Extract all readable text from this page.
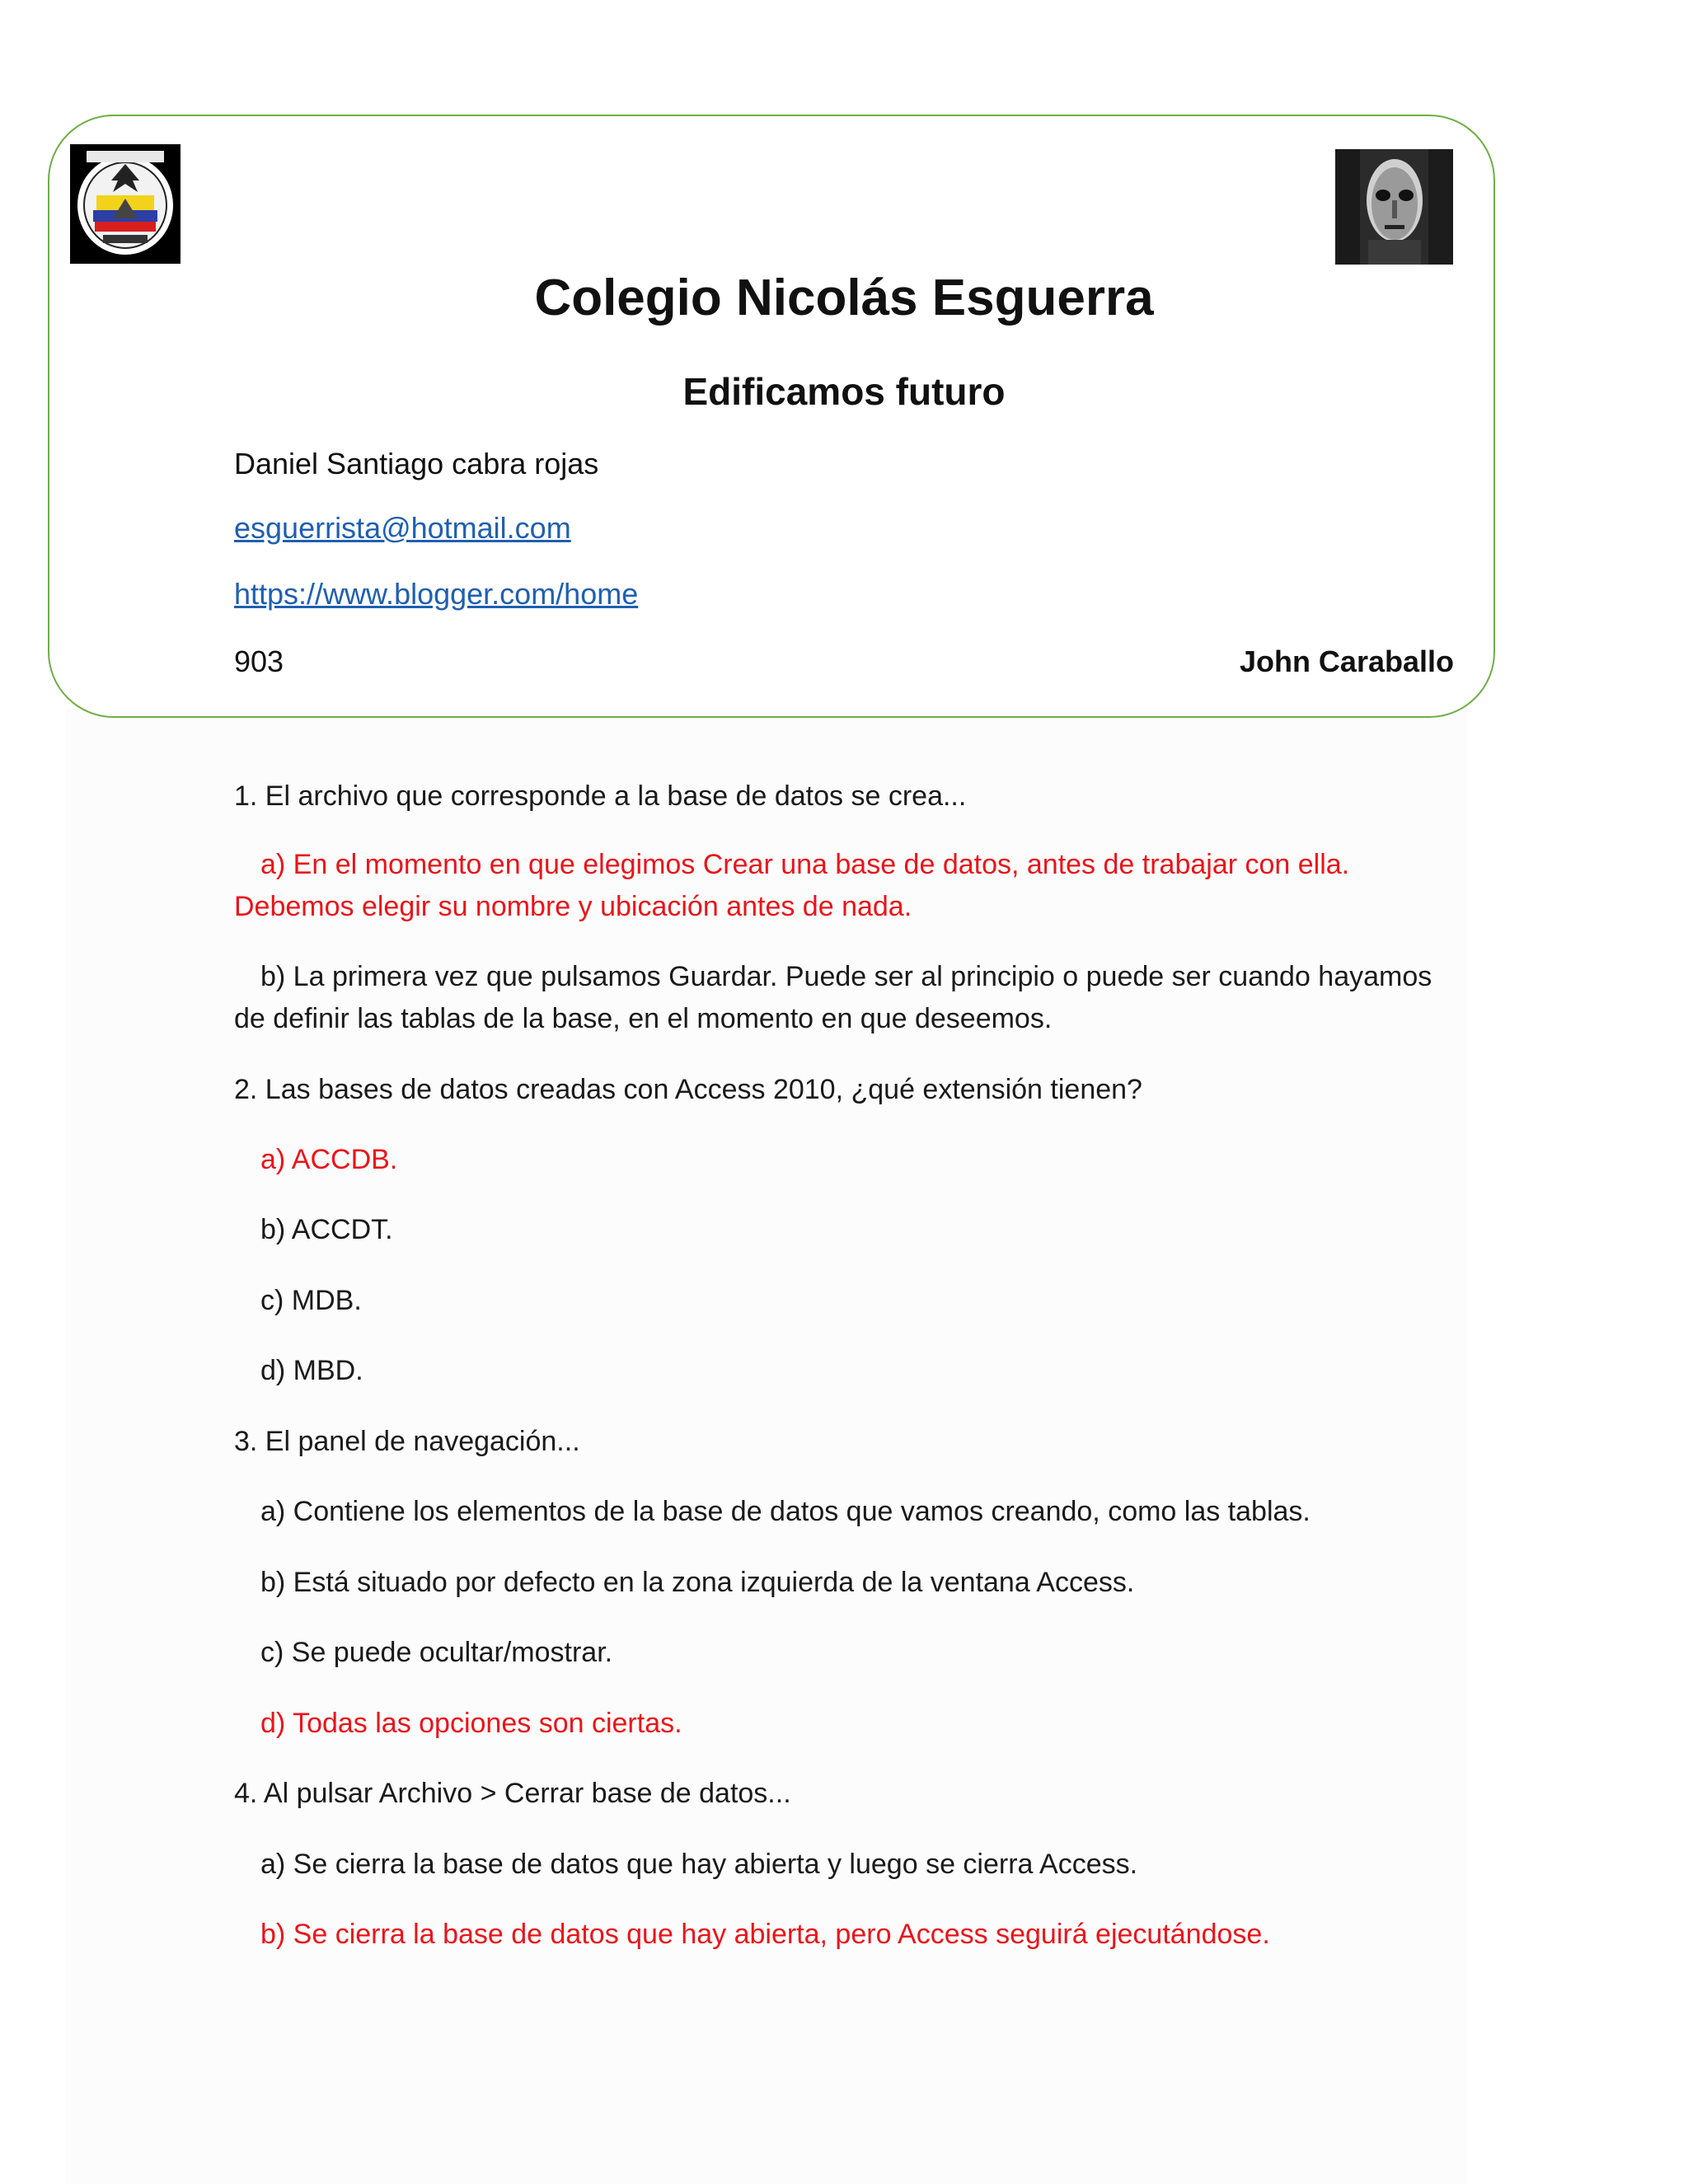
Colegio Nicolás Esguerra
Edificamos futuro
Daniel Santiago cabra rojas
esguerrista@hotmail.com
https://www.blogger.com/home
903	John Caraballo
1. El archivo que corresponde a la base de datos se crea...
a) En el momento en que elegimos Crear una base de datos, antes de trabajar con ella. Debemos elegir su nombre y ubicación antes de nada.
b) La primera vez que pulsamos Guardar. Puede ser al principio o puede ser cuando hayamos de definir las tablas de la base, en el momento en que deseemos.
2. Las bases de datos creadas con Access 2010, ¿qué extensión tienen?
a) ACCDB.
b) ACCDT.
c) MDB.
d) MBD.
3. El panel de navegación...
a) Contiene los elementos de la base de datos que vamos creando, como las tablas.
b) Está situado por defecto en la zona izquierda de la ventana Access.
c) Se puede ocultar/mostrar.
d) Todas las opciones son ciertas.
4. Al pulsar Archivo > Cerrar base de datos...
a) Se cierra la base de datos que hay abierta y luego se cierra Access.
b) Se cierra la base de datos que hay abierta, pero Access seguirá ejecutándose.
